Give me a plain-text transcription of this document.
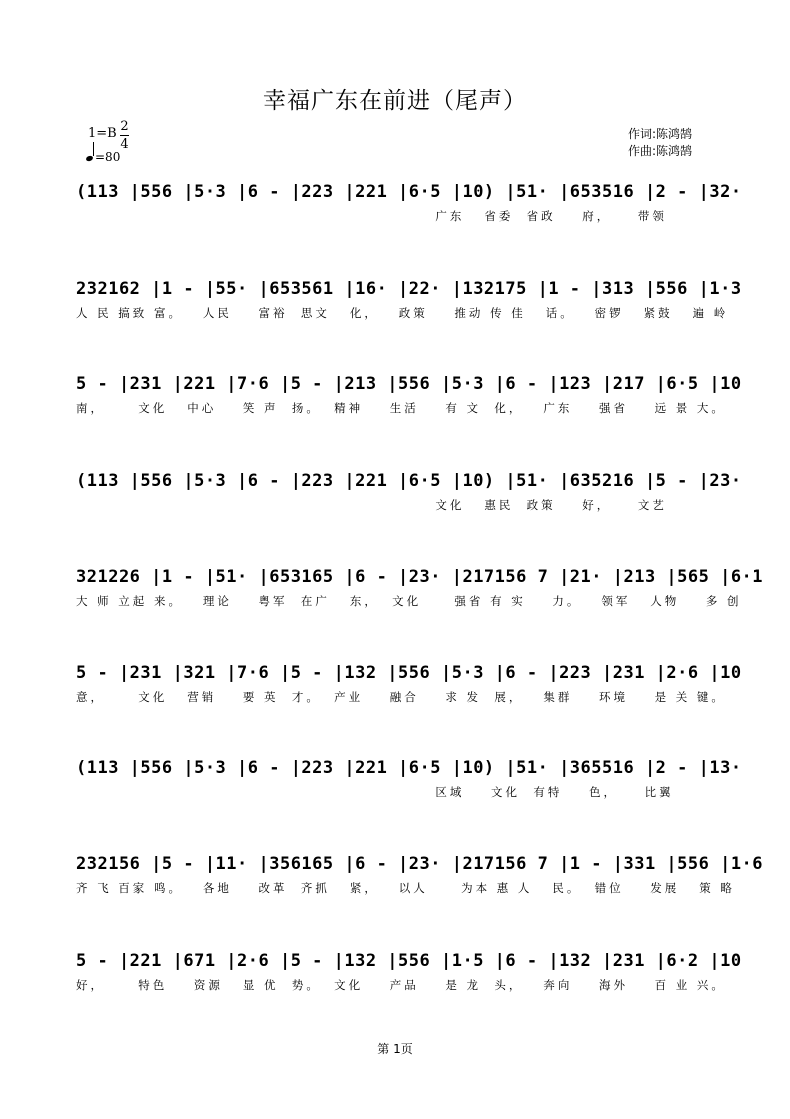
幸福广东在前进（尾声）
1=B 2
4
=80
作词:陈鸿鹄
作曲:陈鸿鹄
(113 |556 |5·3 |6 - |223 |221 |6·5 |10) |51· |653516 |2 - |32·
广东   省委  省政    府，    带领
232162 |1 - |55· |653561 |16· |22· |132175 |1 - |313 |556 |1·3
人 民 搞致 富。   人民    富裕  思文   化，   政策    推动 传 佳   话。   密锣   紧鼓   遍 岭
5 - |231 |221 |7·6 |5 - |213 |556 |5·3 |6 - |123 |217 |6·5 |10
南，     文化   中心    笑 声  扬。  精神    生活    有 文  化，   广东    强省    远 景 大。
(113 |556 |5·3 |6 - |223 |221 |6·5 |10) |51· |635216 |5 - |23·
文化   惠民  政策    好，    文艺
321226 |1 - |51· |653165 |6 - |23· |217156 7 |21· |213 |565 |6·1
大 师 立起 来。   理论    粤军  在广   东，  文化     强省 有 实    力。   领军   人物    多 创
5 - |231 |321 |7·6 |5 - |132 |556 |5·3 |6 - |223 |231 |2·6 |10
意，     文化   营销    要 英  才。  产业    融合    求 发  展，   集群    环境    是 关 键。
(113 |556 |5·3 |6 - |223 |221 |6·5 |10) |51· |365516 |2 - |13·
区域    文化  有特    色，    比翼
232156 |5 - |11· |356165 |6 - |23· |217156 7 |1 - |331 |556 |1·6
齐 飞 百家 鸣。   各地    改革  齐抓   紧，   以人     为本 惠 人   民。  错位    发展   策 略
5 - |221 |671 |2·6 |5 - |132 |556 |1·5 |6 - |132 |231 |6·2 |10
好，     特色    资源   显 优  势。  文化    产品    是 龙  头，   奔向    海外    百 业 兴。
第 1页
